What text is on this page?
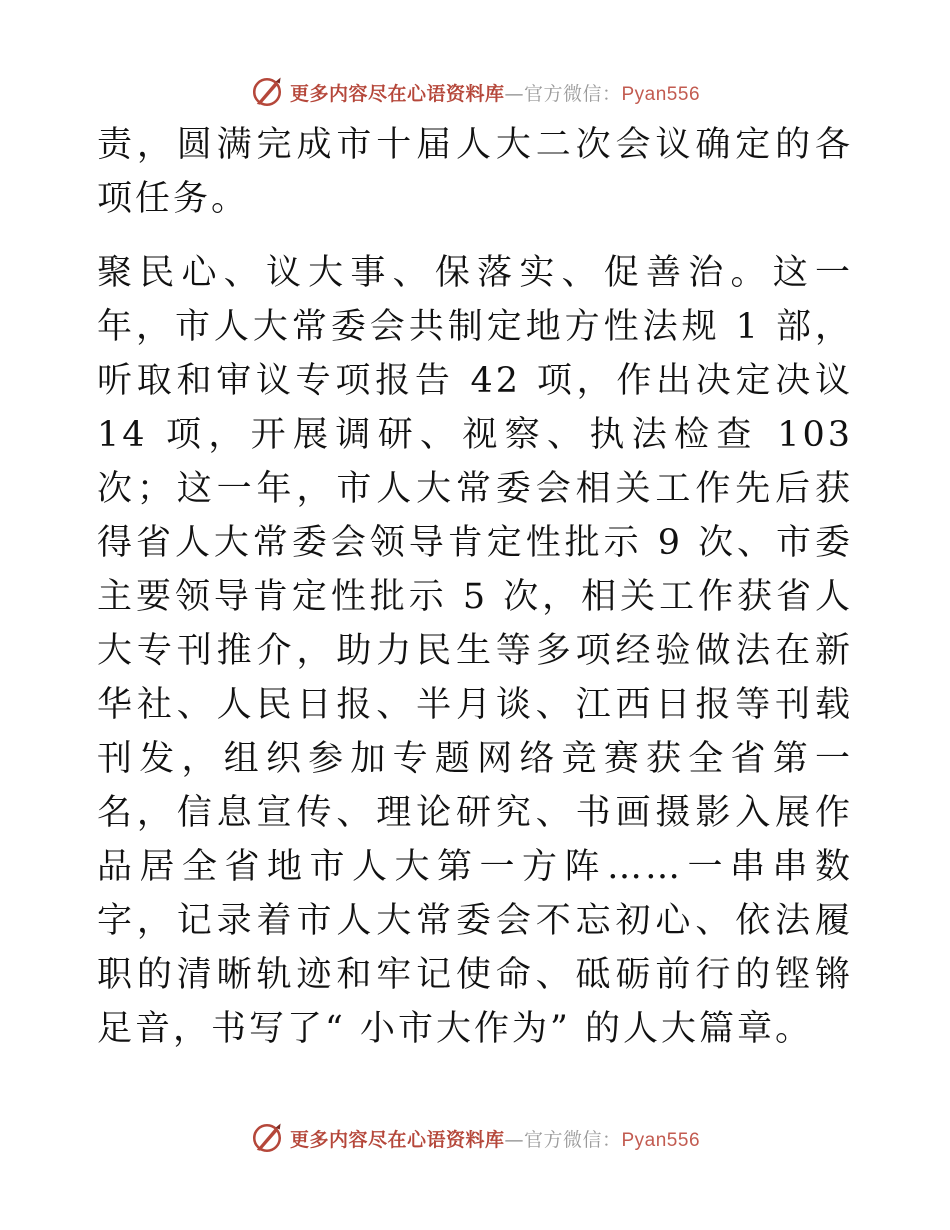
更多内容尽在心语资料库—官方微信：Pyan556

责，圆满完成市十届人大二次会议确定的各项任务。

聚民心、议大事、保落实、促善治。这一年，市人大常委会共制定地方性法规 1 部，听取和审议专项报告 42 项，作出决定决议 14 项，开展调研、视察、执法检查 103 次；这一年，市人大常委会相关工作先后获得省人大常委会领导肯定性批示 9 次、市委主要领导肯定性批示 5 次，相关工作获省人大专刊推介，助力民生等多项经验做法在新华社、人民日报、半月谈、江西日报等刊载刊发，组织参加专题网络竞赛获全省第一名，信息宣传、理论研究、书画摄影入展作品居全省地市人大第一方阵……一串串数字，记录着市人大常委会不忘初心、依法履职的清晰轨迹和牢记使命、砥砺前行的铿锵足音，书写了“ 小市大作为” 的人大篇章。

更多内容尽在心语资料库—官方微信：Pyan556
